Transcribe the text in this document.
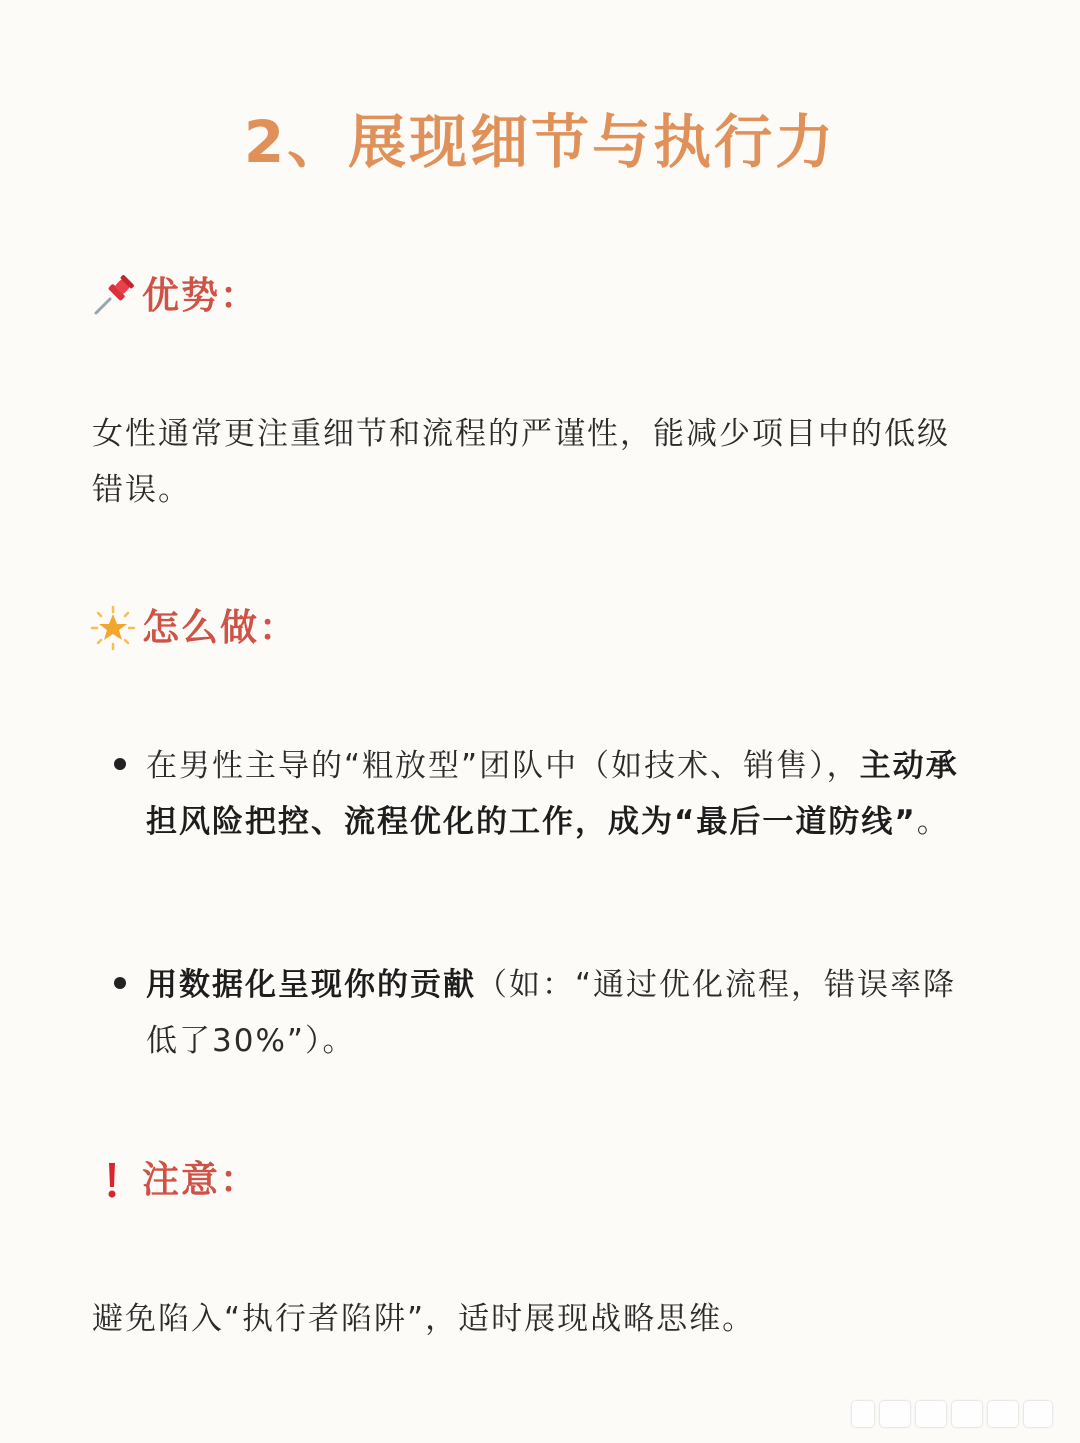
2、展现细节与执行力
优势：
女性通常更注重细节和流程的严谨性，能减少项目中的低级错误。
怎么做：
在男性主导的“粗放型”团队中（如技术、销售），主动承担风险把控、流程优化的工作，成为“最后一道防线”。
用数据化呈现你的贡献（如：“通过优化流程，错误率降低了30%”）。
注意：
避免陷入“执行者陷阱”，适时展现战略思维。
